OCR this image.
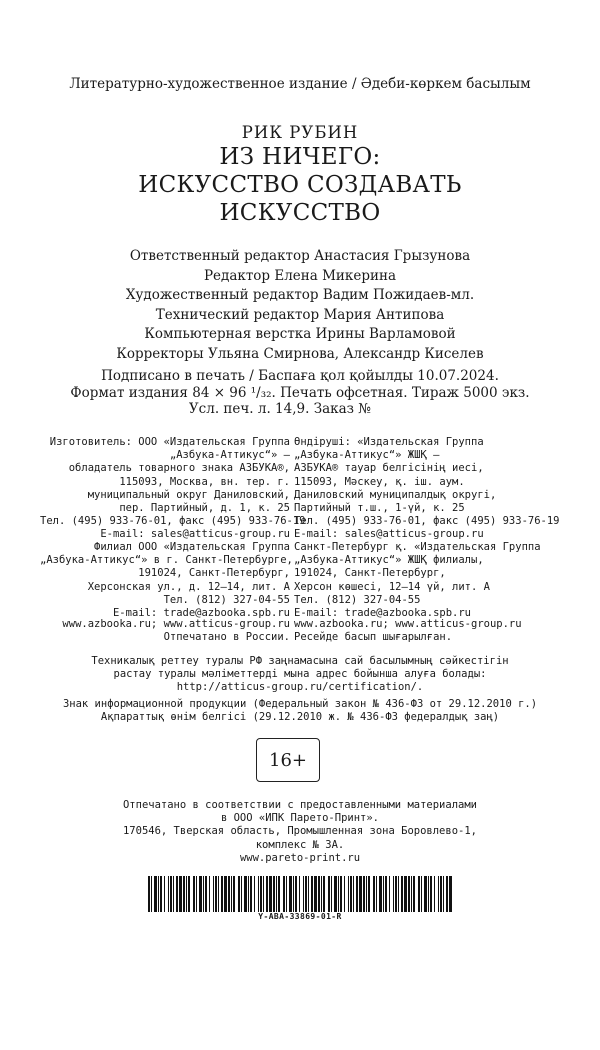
Литературно-художественное издание / Әдеби-көркем басылым
РИК РУБИН
ИЗ НИЧЕГО:
ИСКУССТВО СОЗДАВАТЬ
ИСКУССТВО
Ответственный редактор Анастасия Грызунова
Редактор Елена Микерина
Художественный редактор Вадим Пожидаев-мл.
Технический редактор Мария Антипова
Компьютерная верстка Ирины Варламовой
Корректоры Ульяна Смирнова, Александр Киселев
Подписано в печать / Баспаға қол қойылды 10.07.2024.
Формат издания 84 × 96 ¹/₃₂. Печать офсетная. Тираж 5000 экз.
Усл. печ. л. 14,9. Заказ №
Изготовитель: ООО «Издательская Группа
„Азбука-Аттикус“» —
обладатель товарного знака АЗБУКА®,
115093, Москва, вн. тер. г.
муниципальный округ Даниловский,
пер. Партийный, д. 1, к. 25
Тел. (495) 933-76-01, факс (495) 933-76-19
E-mail: sales@atticus-group.ru
Өндіруші: «Издательская Группа
„Азбука-Аттикус“» ЖШҚ —
АЗБУКА® тауар белгісінің иесі,
115093, Мәскеу, қ. іш. аум.
Даниловский муниципалдық округі,
Партийный т.ш., 1-үй, к. 25
Тел. (495) 933-76-01, факс (495) 933-76-19
E-mail: sales@atticus-group.ru
Филиал ООО «Издательская Группа
„Азбука-Аттикус“» в г. Санкт-Петербурге,
191024, Санкт-Петербург,
Херсонская ул., д. 12–14, лит. А
Тел. (812) 327-04-55
E-mail: trade@azbooka.spb.ru
Санкт-Петербург қ. «Издательская Группа
„Азбука-Аттикус“» ЖШҚ филиалы,
191024, Санкт-Петербург,
Херсон көшесі, 12–14 үй, лит. А
Тел. (812) 327-04-55
E-mail: trade@azbooka.spb.ru
www.azbooka.ru; www.atticus-group.ru
Отпечатано в России.
www.azbooka.ru; www.atticus-group.ru
Ресейде басып шығарылған.
Техникалық реттеу туралы РФ заңнамасына сай басылымның сәйкестігін
растау туралы мәліметтерді мына адрес бойынша алуға болады:
http://atticus-group.ru/certification/.
Знак информационной продукции (Федеральный закон № 436-ФЗ от 29.12.2010 г.)
Ақпараттық өнім белгісі (29.12.2010 ж. № 436-ФЗ федералдық заң)
16+
Отпечатано в соответствии с предоставленными материалами
в ООО «ИПК Парето-Принт».
170546, Тверская область, Промышленная зона Боровлево-1,
комплекс № 3А.
www.pareto-print.ru
Y-ABA-33869-01-R
